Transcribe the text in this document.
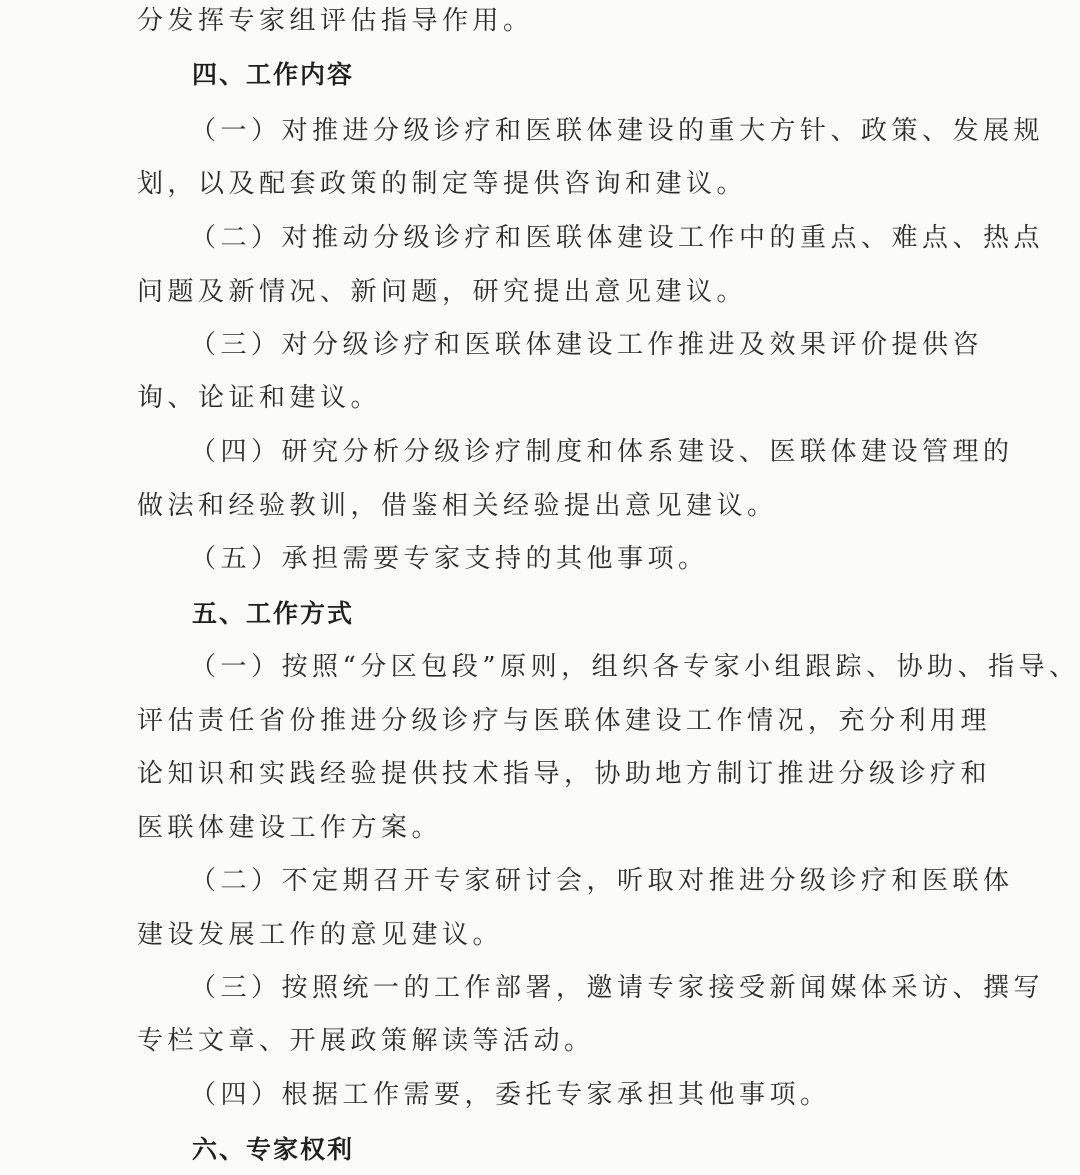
分发挥专家组评估指导作用。
四、工作内容
（一）对推进分级诊疗和医联体建设的重大方针、政策、发展规
划，以及配套政策的制定等提供咨询和建议。
（二）对推动分级诊疗和医联体建设工作中的重点、难点、热点
问题及新情况、新问题，研究提出意见建议。
（三）对分级诊疗和医联体建设工作推进及效果评价提供咨
询、论证和建议。
（四）研究分析分级诊疗制度和体系建设、医联体建设管理的
做法和经验教训，借鉴相关经验提出意见建议。
（五）承担需要专家支持的其他事项。
五、工作方式
（一）按照“分区包段”原则，组织各专家小组跟踪、协助、指导、
评估责任省份推进分级诊疗与医联体建设工作情况，充分利用理
论知识和实践经验提供技术指导，协助地方制订推进分级诊疗和
医联体建设工作方案。
（二）不定期召开专家研讨会，听取对推进分级诊疗和医联体
建设发展工作的意见建议。
（三）按照统一的工作部署，邀请专家接受新闻媒体采访、撰写
专栏文章、开展政策解读等活动。
（四）根据工作需要，委托专家承担其他事项。
六、专家权利
